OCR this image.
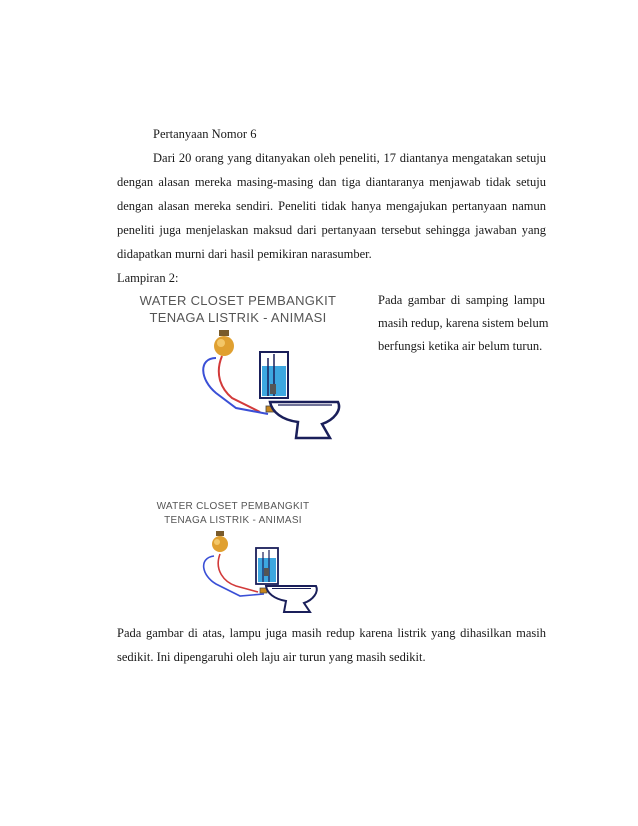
Pertanyaan Nomor 6
Dari 20 orang yang ditanyakan oleh peneliti, 17 diantanya mengatakan setuju
dengan alasan mereka masing-masing dan tiga diantaranya menjawab tidak setuju
dengan alasan mereka sendiri. Peneliti tidak hanya mengajukan pertanyaan namun
peneliti juga menjelaskan maksud dari pertanyaan tersebut sehingga jawaban yang
didapatkan murni dari hasil pemikiran narasumber.
Lampiran 2:
WATER CLOSET PEMBANGKIT
TENAGA LISTRIK - ANIMASI
Pada gambar di samping lampu
masih redup, karena sistem belum
berfungsi ketika air belum turun.
WATER CLOSET PEMBANGKIT
TENAGA LISTRIK - ANIMASI
Pada gambar di atas, lampu juga masih redup karena listrik yang dihasilkan masih
sedikit. Ini dipengaruhi oleh laju air turun yang masih sedikit.
